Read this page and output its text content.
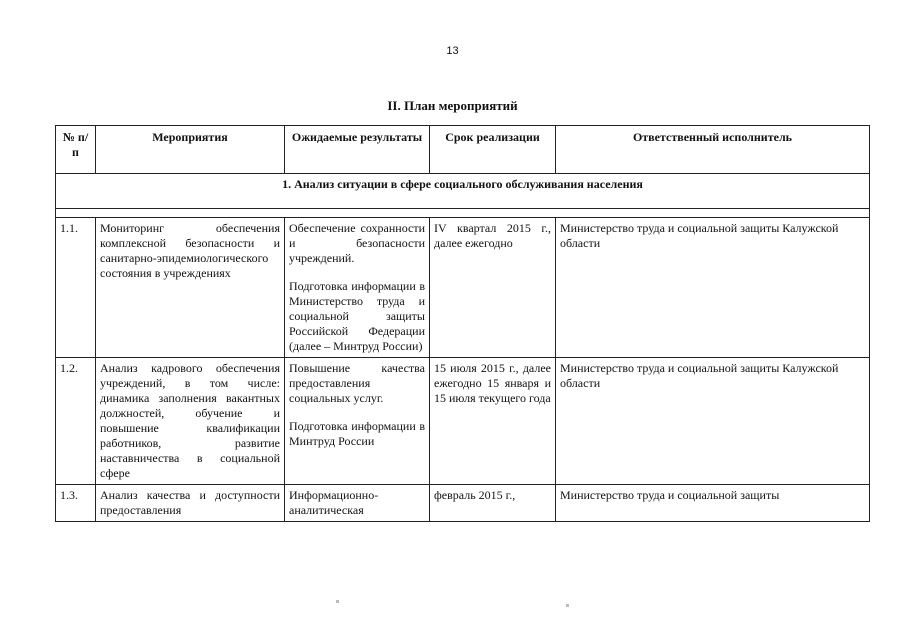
13
II. План мероприятий
№ п/п	Мероприятия	Ожидаемые результаты	Срок реализации	Ответственный исполнитель
1. Анализ ситуации в сфере социального обслуживания населения				

1.1.	Мониторинг обеспечения комплексной безопасности и санитарно-эпидемиологического состояния в учреждениях	Обеспечение сохранности и безопасности учреждений.

Подготовка информации в Министерство труда и социальной защиты Российской Федерации (далее – Минтруд России)	IV квартал 2015 г., далее ежегодно	Министерство труда и социальной защиты Калужской области
1.2.	Анализ кадрового обеспечения учреждений, в том числе: динамика заполнения вакантных должностей, обучение и повышение квалификации работников, развитие наставничества в социальной сфере	Повышение качества предоставления социальных услуг.

Подготовка информации в Минтруд России	15 июля 2015 г., далее ежегодно 15 января и 15 июля текущего года	Министерство труда и социальной защиты Калужской области
1.3.	Анализ качества и доступности предоставления	Информационно-аналитическая	февраль 2015 г.,	Министерство труда и социальной защиты
